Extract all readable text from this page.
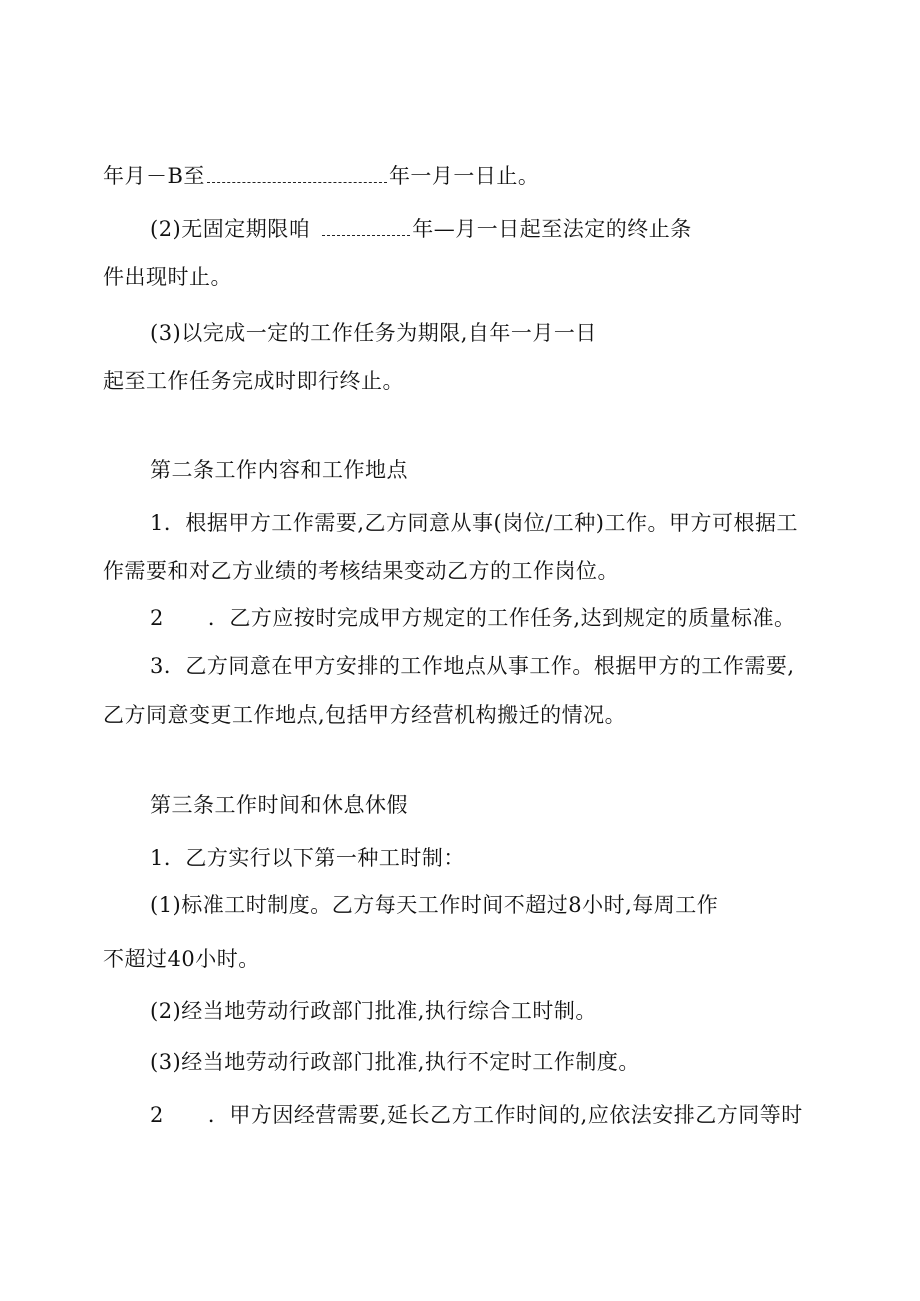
年月－B至	年一月一日止。
(2)无固定期限咱	年—月一日起至法定的终止条
件出现时止。
(3)以完成一定的工作任务为期限,自年一月一日
起至工作任务完成时即行终止。
第二条工作内容和工作地点
1．根据甲方工作需要,乙方同意从事(岗位/工种)工作。甲方可根据工
作需要和对乙方业绩的考核结果变动乙方的工作岗位。
2 ．乙方应按时完成甲方规定的工作任务,达到规定的质量标准。
3．乙方同意在甲方安排的工作地点从事工作。根据甲方的工作需要,
乙方同意变更工作地点,包括甲方经营机构搬迁的情况。
第三条工作时间和休息休假
1．乙方实行以下第一种工时制：
(1)标准工时制度。乙方每天工作时间不超过8小时,每周工作
不超过40小时。
(2)经当地劳动行政部门批准,执行综合工时制。
(3)经当地劳动行政部门批准,执行不定时工作制度。
2 ．甲方因经营需要,延长乙方工作时间的,应依法安排乙方同等时
